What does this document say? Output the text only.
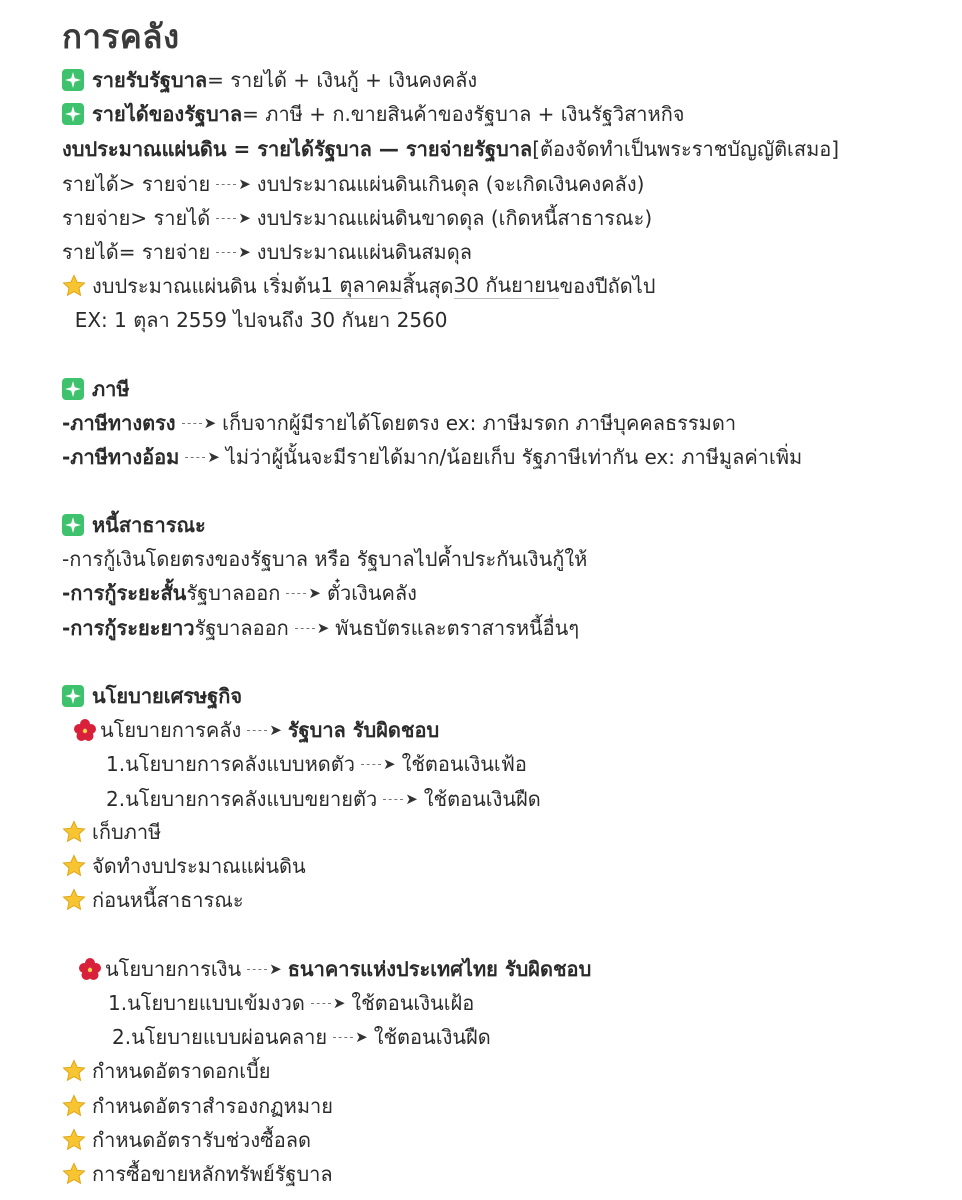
การคลัง
รายรับรัฐบาล = รายได้ + เงินกู้ + เงินคงคลัง
รายได้ของรัฐบาล = ภาษี + ก.ขายสินค้าของรัฐบาล + เงินรัฐวิสาหกิจ
งบประมาณแผ่นดิน = รายได้รัฐบาล — รายจ่ายรัฐบาล [ต้องจัดทำเป็นพระราชบัญญัติเสมอ]
รายได้> รายจ่าย ➤ งบประมาณแผ่นดินเกินดุล (จะเกิดเงินคงคลัง)
รายจ่าย> รายได้ ➤ งบประมาณแผ่นดินขาดดุล (เกิดหนี้สาธารณะ)
รายได้= รายจ่าย ➤ งบประมาณแผ่นดินสมดุล
งบประมาณแผ่นดิน เริ่มต้น 1 ตุลาคม สิ้นสุด 30 กันยายน ของปีถัดไป
EX: 1 ตุลา 2559 ไปจนถึง 30 กันยา 2560
ภาษี
-ภาษีทางตรง ➤ เก็บจากผู้มีรายได้โดยตรง ex: ภาษีมรดก ภาษีบุคคลธรรมดา
-ภาษีทางอ้อม ➤ ไม่ว่าผู้นั้นจะมีรายได้มาก/น้อยเก็บ รัฐภาษีเท่ากัน ex: ภาษีมูลค่าเพิ่ม
หนี้สาธารณะ
-การกู้เงินโดยตรงของรัฐบาล หรือ รัฐบาลไปค้ำประกันเงินกู้ให้
-การกู้ระยะสั้น รัฐบาลออก ➤ ตั๋วเงินคลัง
-การกู้ระยะยาว รัฐบาลออก ➤ พันธบัตรและตราสารหนี้อื่นๆ
นโยบายเศรษฐกิจ
นโยบายการคลัง ➤ รัฐบาล รับผิดชอบ
1.นโยบายการคลังแบบหดตัว ➤ ใช้ตอนเงินเฟ้อ
2.นโยบายการคลังแบบขยายตัว ➤ ใช้ตอนเงินฝืด
เก็บภาษี
จัดทำงบประมาณแผ่นดิน
ก่อนหนี้สาธารณะ
นโยบายการเงิน ➤ ธนาคารแห่งประเทศไทย รับผิดชอบ
1.นโยบายแบบเข้มงวด ➤ ใช้ตอนเงินเฝ้อ
2.นโยบายแบบผ่อนคลาย ➤ ใช้ตอนเงินฝืด
กำหนดอัตราดอกเบี้ย
กำหนดอัตราสำรองกฏหมาย
กำหนดอัตรารับช่วงซื้อลด
การซื้อขายหลักทรัพย์รัฐบาล
